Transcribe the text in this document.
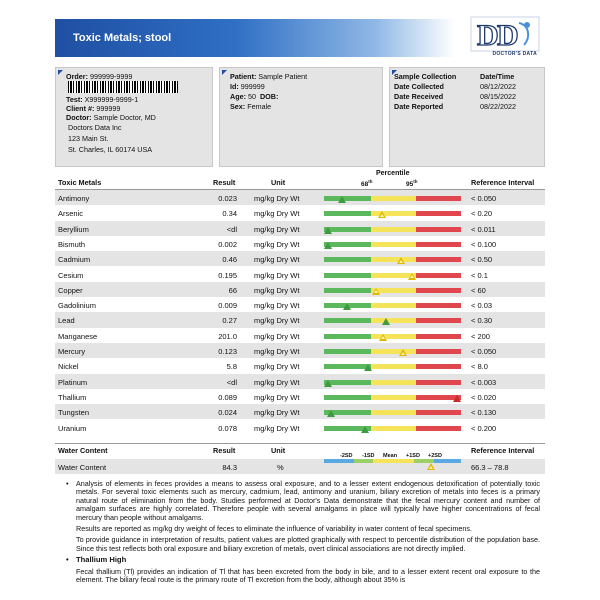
Toxic Metals; stool	D
D
DOCTOR'S DATA
Order: 999999-9999
Test: X999999-9999-1
Client #: 999999
Doctor: Sample Doctor, MD
Doctors Data Inc
123 Main St.
St. Charles, IL 60174 USA
Patient: Sample Patient
Id: 999999
Age: 50 DOB:
Sex: Female
Sample Collection	Date/Time
Date Collected	08/12/2022
Date Received	08/15/2022
Date Reported	08/22/2022
Percentile
68th	95th
Toxic Metals	Result	Unit	Reference Interval
Antimony	0.023 mg/kg Dry Wt	< 0.050
Arsenic	0.34 mg/kg Dry Wt	< 0.20
Beryllium	<dl mg/kg Dry Wt	< 0.011
Bismuth	0.002 mg/kg Dry Wt	< 0.100
Cadmium	0.46 mg/kg Dry Wt	< 0.50
Cesium	0.195 mg/kg Dry Wt	< 0.1
Copper	66 mg/kg Dry Wt	< 60
Gadolinium	0.009 mg/kg Dry Wt	< 0.03
Lead	0.27 mg/kg Dry Wt	< 0.30
Manganese	201.0 mg/kg Dry Wt	< 200
Mercury	0.123 mg/kg Dry Wt	< 0.050
Nickel	5.8 mg/kg Dry Wt	< 8.0
Platinum	<dl mg/kg Dry Wt	< 0.003
Thallium	0.089 mg/kg Dry Wt	< 0.020
Tungsten	0.024 mg/kg Dry Wt	< 0.130
Uranium	0.078 mg/kg Dry Wt	< 0.200
Water Content	Result	Unit	Reference Interval
-2SD -1SD Mean +1SD +2SD
Water Content	84.3	%	66.3 – 78.8

• Analysis of elements in feces provides a means to assess oral exposure, and to a lesser extent endogenous detoxification of potentially toxic metals. For several toxic elements such as mercury, cadmium, lead, antimony and uranium, biliary excretion of metals into feces is a primary natural route of elimination from the body. Studies performed at Doctor's Data demonstrate that the fecal mercury content and number of amalgam surfaces are highly correlated. Therefore people with several amalgams in place will typically have higher concentrations of fecal mercury than people without amalgams.

Results are reported as mg/kg dry weight of feces to eliminate the influence of variability in water content of fecal specimens.

To provide guidance in interpretation of results, patient values are plotted graphically with respect to percentile distribution of the population base. Since this test reflects both oral exposure and biliary excretion of metals, overt clinical associations are not directly implied.

• Thallium High

Fecal thallium (Tl) provides an indication of Tl that has been excreted from the body in bile, and to a lesser extent recent oral exposure to the element. The biliary fecal route is the primary route of Tl excretion from the body, although about 35% is
